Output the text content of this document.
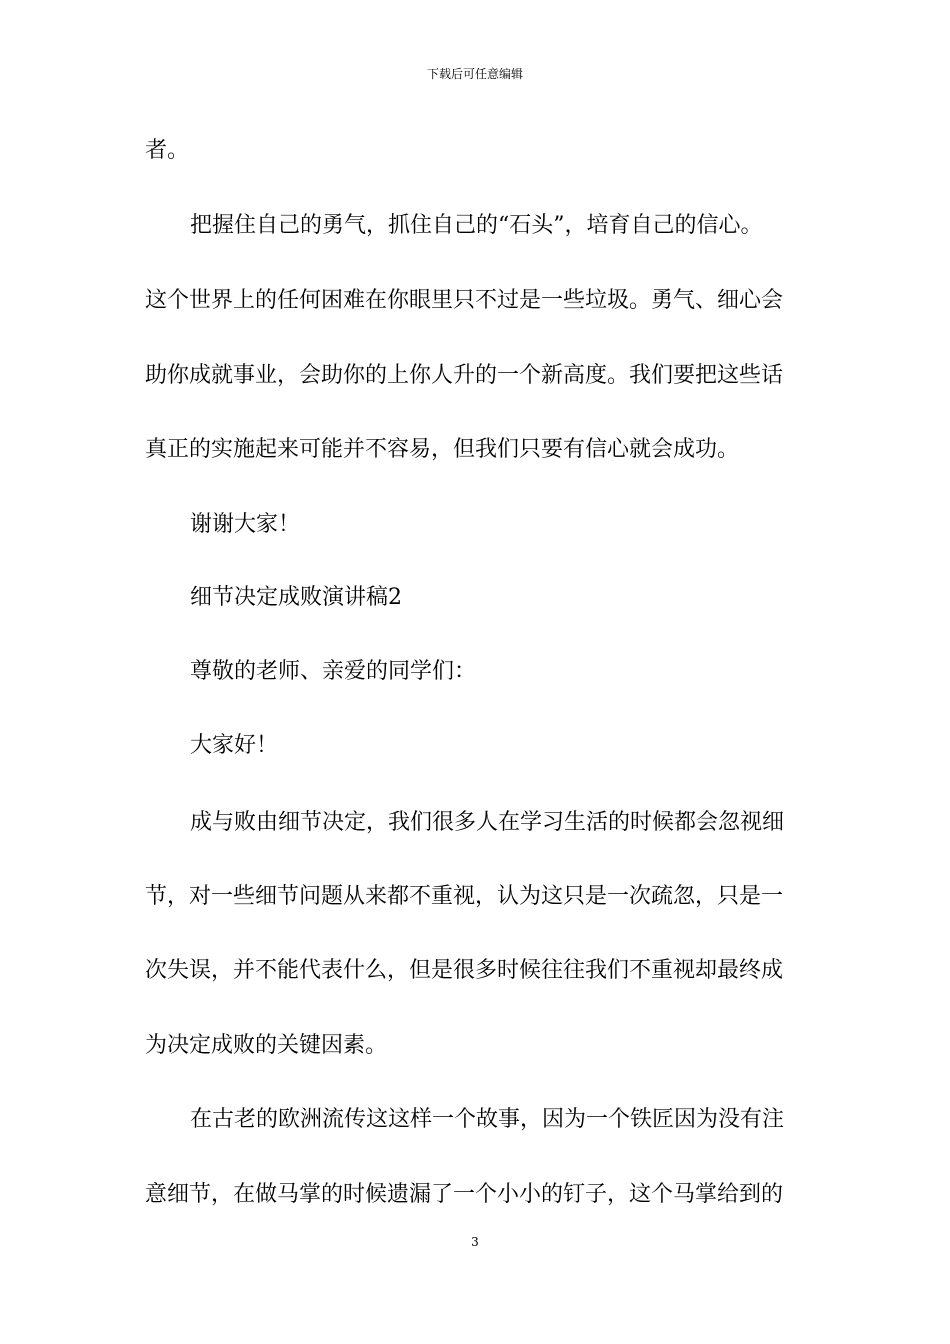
下载后可任意编辑
者。
把握住自己的勇气，抓住自己的“石头”，培育自己的信心。
这个世界上的任何困难在你眼里只不过是一些垃圾。勇气、细心会
助你成就事业，会助你的上你人升的一个新高度。我们要把这些话
真正的实施起来可能并不容易，但我们只要有信心就会成功。
谢谢大家！
细节决定成败演讲稿2
尊敬的老师、亲爱的同学们：
大家好！
成与败由细节决定，我们很多人在学习生活的时候都会忽视细
节，对一些细节问题从来都不重视，认为这只是一次疏忽，只是一
次失误，并不能代表什么，但是很多时候往往我们不重视却最终成
为决定成败的关键因素。
在古老的欧洲流传这这样一个故事，因为一个铁匠因为没有注
意细节，在做马掌的时候遗漏了一个小小的钉子，这个马掌给到的
3
